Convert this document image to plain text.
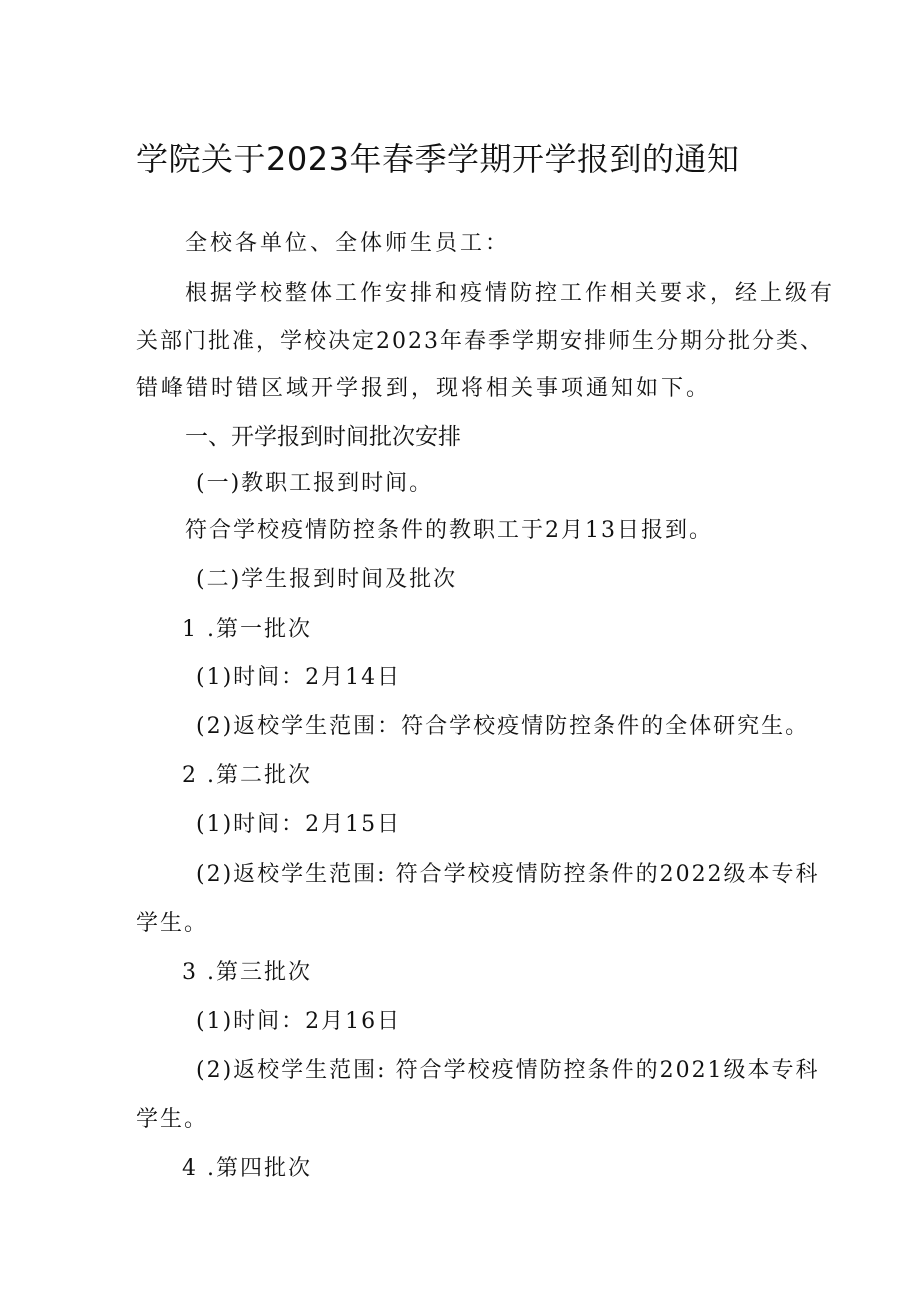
学院关于2023年春季学期开学报到的通知

全校各单位、全体师生员工：

根据学校整体工作安排和疫情防控工作相关要求，经上级有

关部门批准，学校决定2023年春季学期安排师生分期分批分类、

错峰错时错区域开学报到，现将相关事项通知如下。

一、开学报到时间批次安排

(一)教职工报到时间。

符合学校疫情防控条件的教职工于2月13日报到。

(二)学生报到时间及批次

1 .第一批次

(1)时间：2月14日

(2)返校学生范围：符合学校疫情防控条件的全体研究生。

2 .第二批次

(1)时间：2月15日

(2)返校学生范围: 符合学校疫情防控条件的2022级本专科

学生。

3 .第三批次

(1)时间：2月16日

(2)返校学生范围: 符合学校疫情防控条件的2021级本专科

学生。

4 .第四批次
